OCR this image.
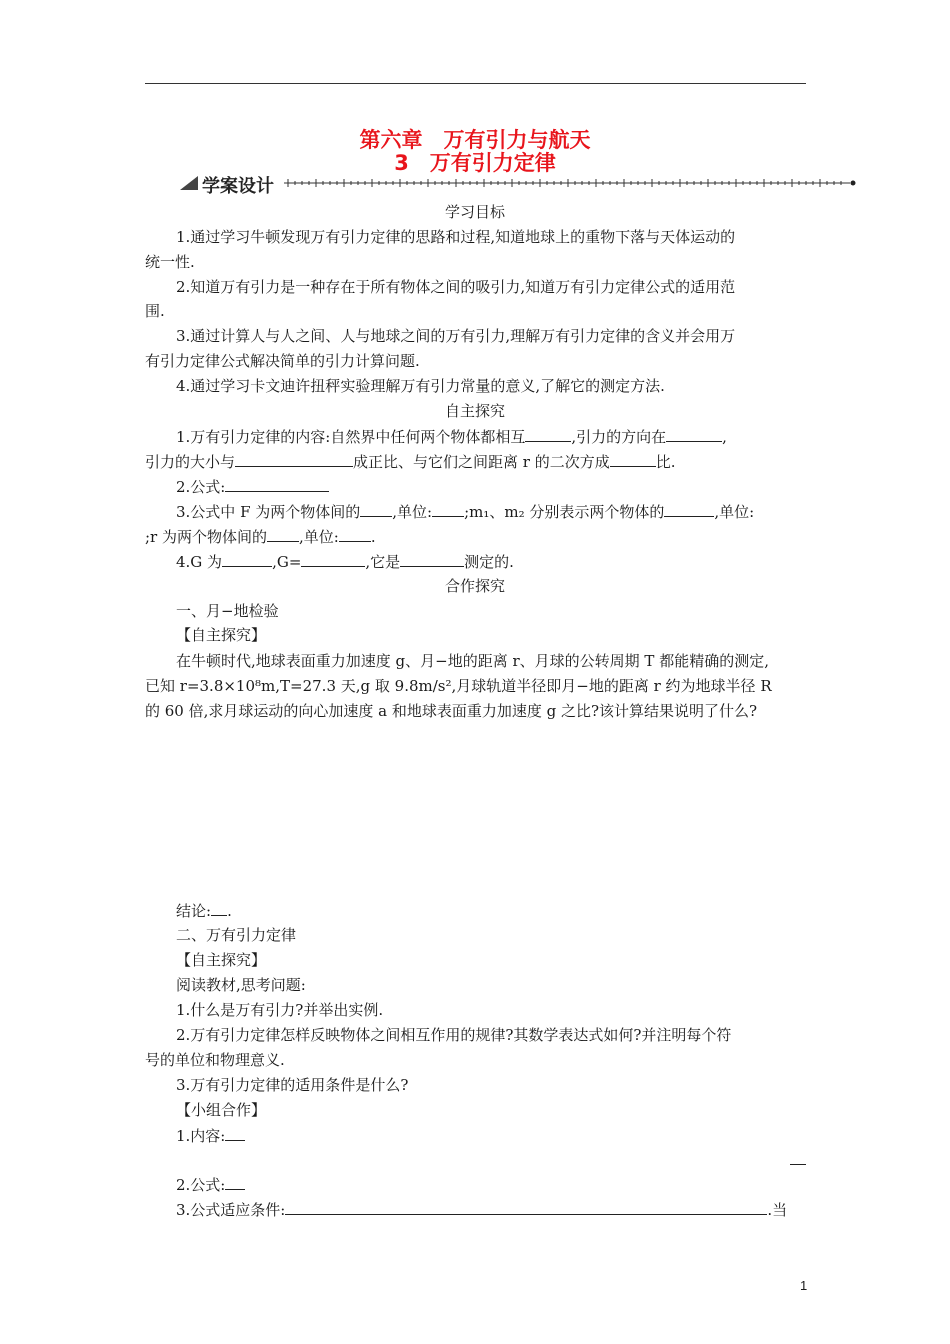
第六章　万有引力与航天
3　万有引力定律
学案设计
学习目标
1.通过学习牛顿发现万有引力定律的思路和过程,知道地球上的重物下落与天体运动的
统一性.
2.知道万有引力是一种存在于所有物体之间的吸引力,知道万有引力定律公式的适用范
围.
3.通过计算人与人之间、人与地球之间的万有引力,理解万有引力定律的含义并会用万
有引力定律公式解决简单的引力计算问题.
4.通过学习卡文迪许扭秤实验理解万有引力常量的意义,了解它的测定方法.
自主探究
1.万有引力定律的内容:自然界中任何两个物体都相互	,引力的方向在	,
引力的大小与	成正比、与它们之间距离 r 的二次方成	比.
2.公式:
3.公式中 F 为两个物体间的 ,单位: ;m₁、m₂ 分别表示两个物体的	,单位:
;r 为两个物体间的 ,单位: .
4.G 为	,G=	,它是	测定的.
合作探究
一、月−地检验
【自主探究】
在牛顿时代,地球表面重力加速度 g、月−地的距离 r、月球的公转周期 T 都能精确的测定,
已知 r=3.8×10⁸m,T=27.3 天,g 取 9.8m/s²,月球轨道半径即月−地的距离 r 约为地球半径 R
的 60 倍,求月球运动的向心加速度 a 和地球表面重力加速度 g 之比?该计算结果说明了什么?
结论: .
二、万有引力定律
【自主探究】
阅读教材,思考问题:
1.什么是万有引力?并举出实例.
2.万有引力定律怎样反映物体之间相互作用的规律?其数学表达式如何?并注明每个符
号的单位和物理意义.
3.万有引力定律的适用条件是什么?
【小组合作】
1.内容:
2.公式:
3.公式适应条件:	.当
1
